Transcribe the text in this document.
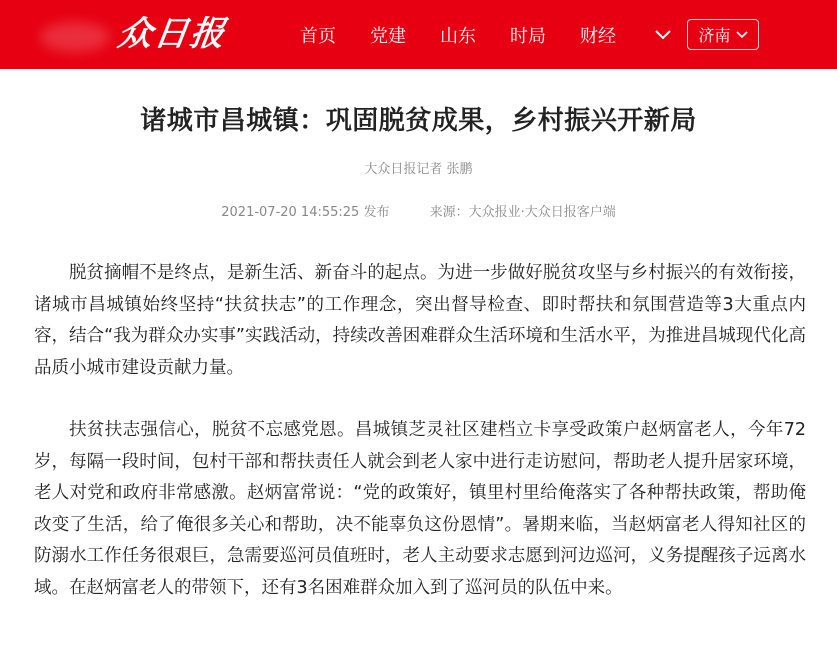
众日报	首页 党建 山东 时局 财经	济南
诸城市昌城镇：巩固脱贫成果，乡村振兴开新局
大众日报记者 张鹏
2021-07-20 14:55:25 发布	来源：大众报业·大众日报客户端

脱贫摘帽不是终点，是新生活、新奋斗的起点。为进一步做好脱贫攻坚与乡村振兴的有效衔接，诸城市昌城镇始终坚持“扶贫扶志”的工作理念，突出督导检查、即时帮扶和氛围营造等3大重点内容，结合“我为群众办实事”实践活动，持续改善困难群众生活环境和生活水平，为推进昌城现代化高品质小城市建设贡献力量。

扶贫扶志强信心，脱贫不忘感党恩。昌城镇芝灵社区建档立卡享受政策户赵炳富老人，今年72岁，每隔一段时间，包村干部和帮扶责任人就会到老人家中进行走访慰问，帮助老人提升居家环境，老人对党和政府非常感激。赵炳富常说：“党的政策好，镇里村里给俺落实了各种帮扶政策，帮助俺改变了生活，给了俺很多关心和帮助，决不能辜负这份恩情”。暑期来临，当赵炳富老人得知社区的防溺水工作任务很艰巨，急需要巡河员值班时，老人主动要求志愿到河边巡河，义务提醒孩子远离水域。在赵炳富老人的带领下，还有3名困难群众加入到了巡河员的队伍中来。
